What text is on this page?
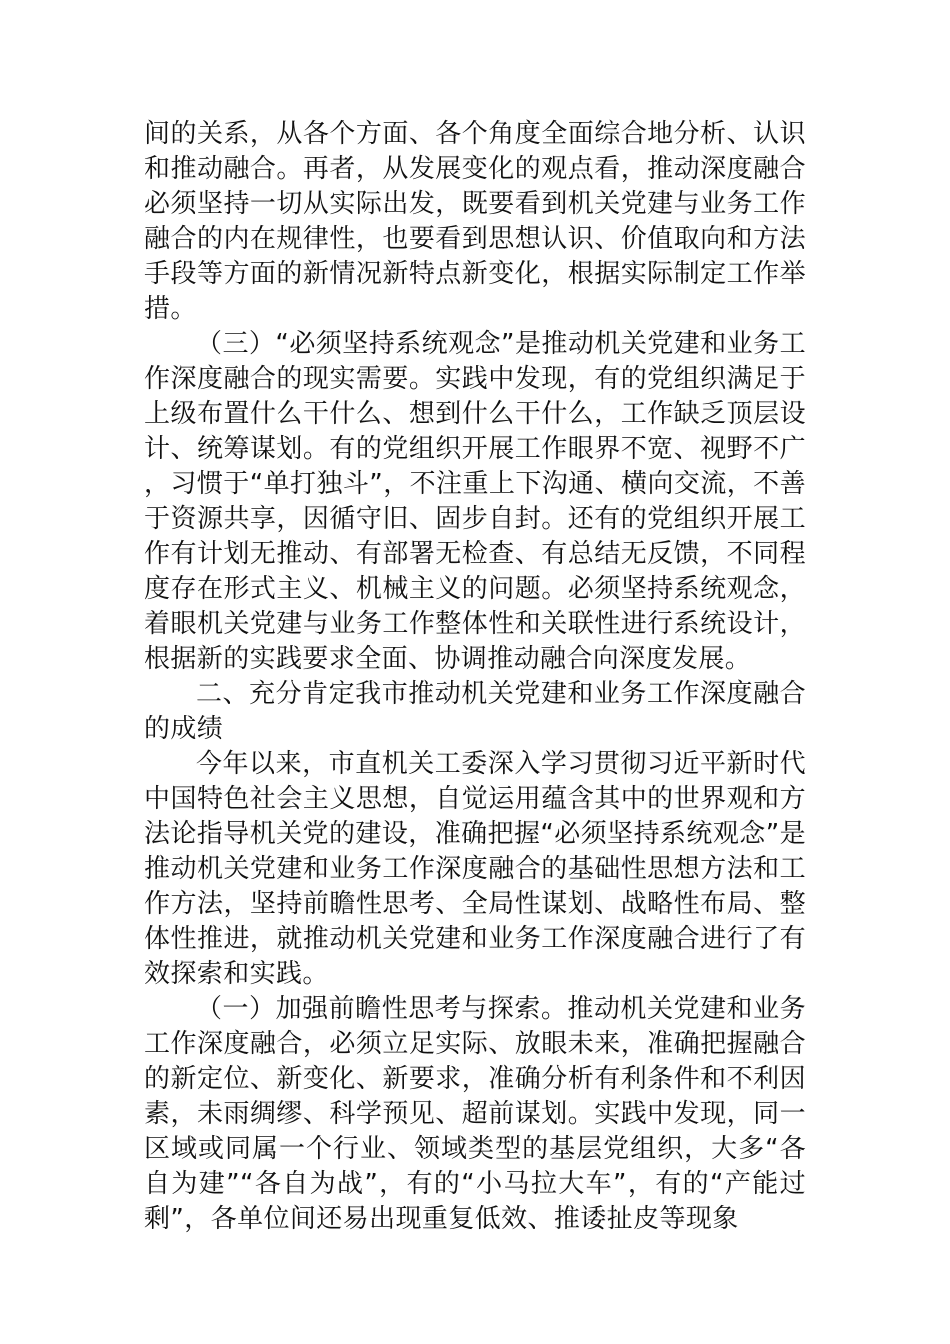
间的关系，从各个方面、各个角度全面综合地分析、认识和推动融合。再者，从发展变化的观点看，推动深度融合必须坚持一切从实际出发，既要看到机关党建与业务工作融合的内在规律性，也要看到思想认识、价值取向和方法手段等方面的新情况新特点新变化，根据实际制定工作举措。

（三）“必须坚持系统观念”是推动机关党建和业务工作深度融合的现实需要。实践中发现，有的党组织满足于上级布置什么干什么、想到什么干什么，工作缺乏顶层设计、统筹谋划。有的党组织开展工作眼界不宽、视野不广，习惯于“单打独斗”，不注重上下沟通、横向交流，不善于资源共享，因循守旧、固步自封。还有的党组织开展工作有计划无推动、有部署无检查、有总结无反馈，不同程度存在形式主义、机械主义的问题。必须坚持系统观念，着眼机关党建与业务工作整体性和关联性进行系统设计，根据新的实践要求全面、协调推动融合向深度发展。

二、充分肯定我市推动机关党建和业务工作深度融合的成绩

今年以来，市直机关工委深入学习贯彻习近平新时代中国特色社会主义思想，自觉运用蕴含其中的世界观和方法论指导机关党的建设，准确把握“必须坚持系统观念”是推动机关党建和业务工作深度融合的基础性思想方法和工作方法，坚持前瞻性思考、全局性谋划、战略性布局、整体性推进，就推动机关党建和业务工作深度融合进行了有效探索和实践。

（一）加强前瞻性思考与探索。推动机关党建和业务工作深度融合，必须立足实际、放眼未来，准确把握融合的新定位、新变化、新要求，准确分析有利条件和不利因素，未雨绸缪、科学预见、超前谋划。实践中发现，同一区域或同属一个行业、领域类型的基层党组织，大多“各自为建”“各自为战”，有的“小马拉大车”，有的“产能过剩”，各单位间还易出现重复低效、推诿扯皮等现象
